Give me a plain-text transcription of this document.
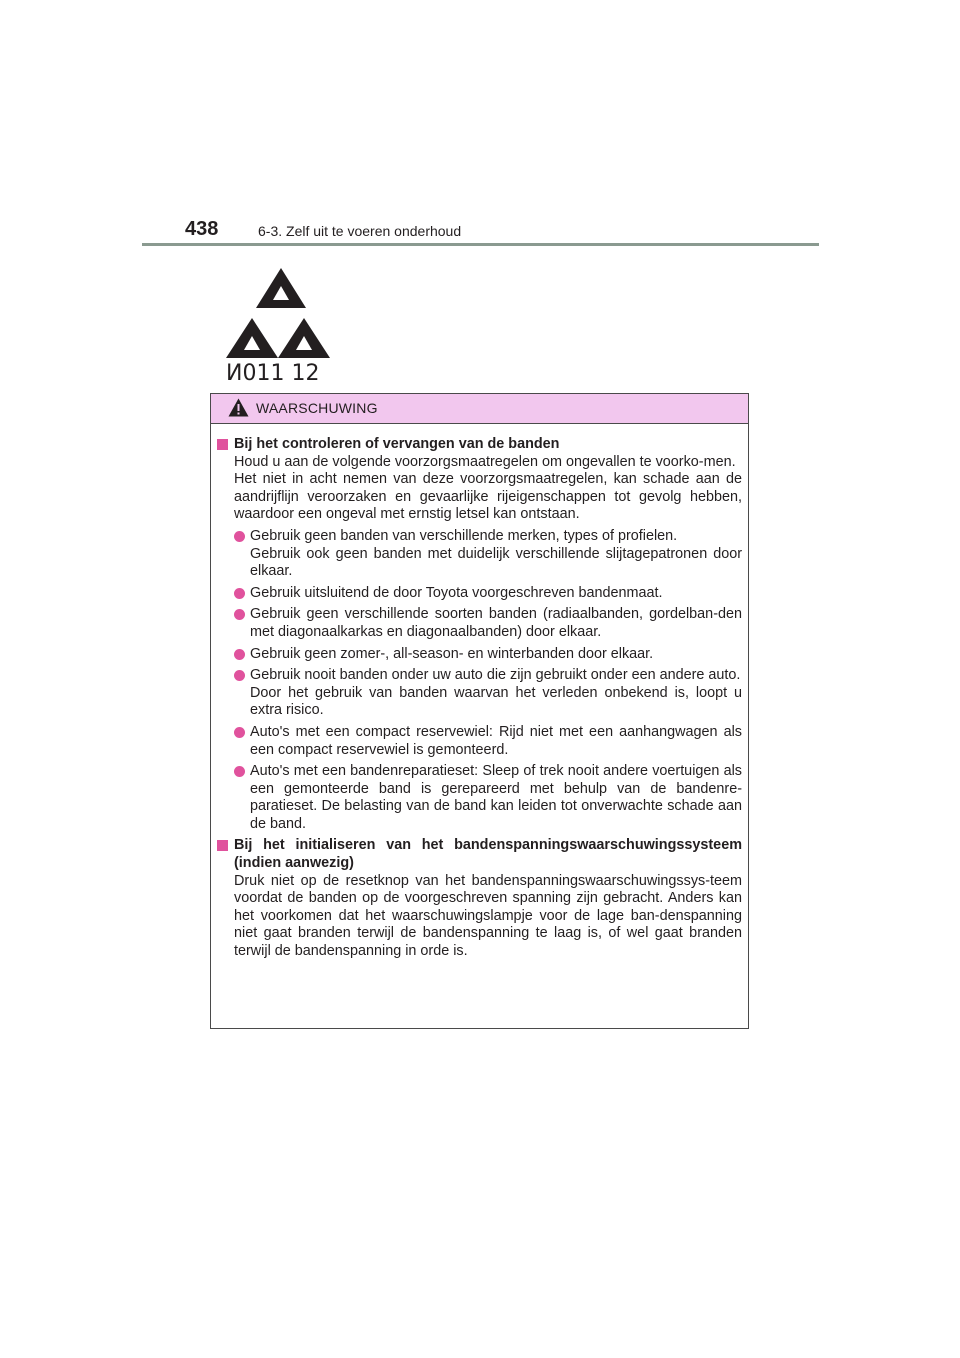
438	6-3. Zelf uit te voeren onderhoud
И011 12
WAARSCHUWING
Bij het controleren of vervangen van de banden
Houd u aan de volgende voorzorgsmaatregelen om ongevallen te voorko-men.
Het niet in acht nemen van deze voorzorgsmaatregelen, kan schade aan de aandrijflijn veroorzaken en gevaarlijke rijeigenschappen tot gevolg hebben, waardoor een ongeval met ernstig letsel kan ontstaan.
Gebruik geen banden van verschillende merken, types of profielen.
Gebruik ook geen banden met duidelijk verschillende slijtagepatronen door elkaar.
Gebruik uitsluitend de door Toyota voorgeschreven bandenmaat.
Gebruik geen verschillende soorten banden (radiaalbanden, gordelban-den met diagonaalkarkas en diagonaalbanden) door elkaar.
Gebruik geen zomer-, all-season- en winterbanden door elkaar.
Gebruik nooit banden onder uw auto die zijn gebruikt onder een andere auto.
Door het gebruik van banden waarvan het verleden onbekend is, loopt u extra risico.
Auto's met een compact reservewiel: Rijd niet met een aanhangwagen als een compact reservewiel is gemonteerd.
Auto's met een bandenreparatieset: Sleep of trek nooit andere voertuigen als een gemonteerde band is gerepareerd met behulp van de bandenre-paratieset. De belasting van de band kan leiden tot onverwachte schade aan de band.
Bij het initialiseren van het bandenspanningswaarschuwingssysteem (indien aanwezig)
Druk niet op de resetknop van het bandenspanningswaarschuwingssys-teem voordat de banden op de voorgeschreven spanning zijn gebracht. Anders kan het voorkomen dat het waarschuwingslampje voor de lage ban-denspanning niet gaat branden terwijl de bandenspanning te laag is, of wel gaat branden terwijl de bandenspanning in orde is.
